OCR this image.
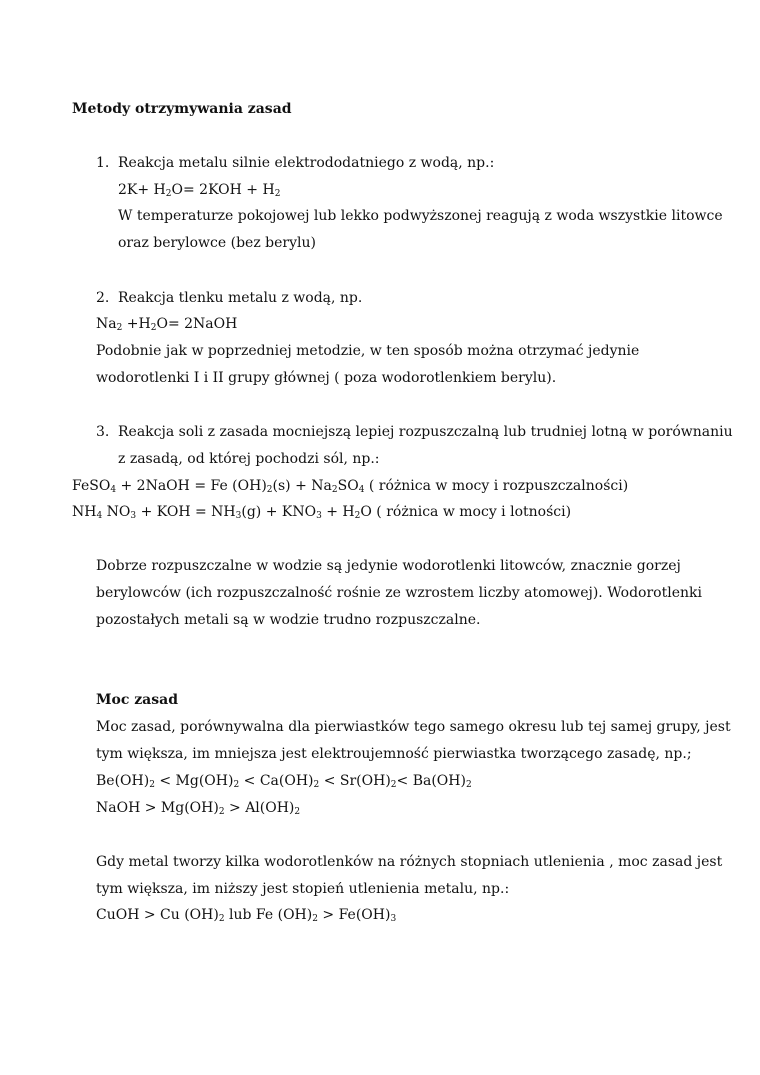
Metody otrzymywania zasad
1. Reakcja metalu silnie elektrododatniego z wodą, np.:
$2K+ H_2O= 2KOH + H_2$
W temperaturze pokojowej lub lekko podwyższonej reagują z woda wszystkie litowce
oraz berylowce (bez berylu)
2. Reakcja tlenku metalu z wodą, np.
$Na_2 +H_2O=$ 2NaOH
Podobnie jak w poprzedniej metodzie, w ten sposób można otrzymać jedynie
wodorotlenki I i II grupy głównej ( poza wodorotlenkiem berylu).
3. Reakcja soli z zasada mocniejszą lepiej rozpuszczalną lub trudniej lotną w porównaniu
z zasadą, od której pochodzi sól, np.:
FeSO$_4$ + 2NaOH = Fe $(OH)_2(s) + Na_2SO_4$ ( różnica w mocy i rozpuszczalności)
$NH_4$ $NO_3$ + KOH = $NH_3(g) + KNO_3 + H_2O$ ( różnica w mocy i lotności)
Dobrze rozpuszczalne w wodzie są jedynie wodorotlenki litowców, znacznie gorzej
berylowców (ich rozpuszczalność rośnie ze wzrostem liczby atomowej). Wodorotlenki
pozostałych metali są w wodzie trudno rozpuszczalne.
Moc zasad
Moc zasad, porównywalna dla pierwiastków tego samego okresu lub tej samej grupy, jest
tym większa, im mniejsza jest elektroujemność pierwiastka tworzącego zasadę, np.;
$Be(OH)_2 < Mg(OH)_2 < Ca(OH)_2 < Sr(OH)_2< Ba(OH)_2$
NaOH > $Mg(OH)_2 > Al(OH)_2$
Gdy metal tworzy kilka wodorotlenków na różnych stopniach utlenienia , moc zasad jest
tym większa, im niższy jest stopień utlenienia metalu, np.:
CuOH > Cu $(OH)_2$ lub Fe $(OH)_2 > Fe(OH)_3$
